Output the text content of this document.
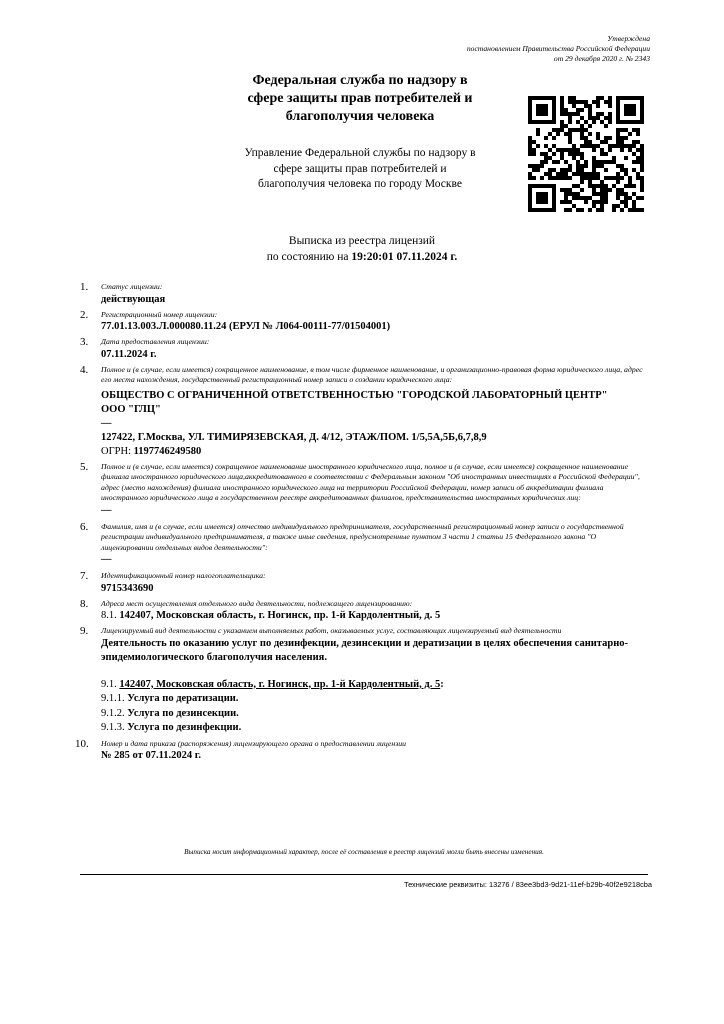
Утверждена
постановлением Правительства Российской Федерации
от 29 декабря 2020 г. № 2343
Федеральная служба по надзору в
сфере защиты прав потребителей и
благополучия человека
Управление Федеральной службы по надзору в
сфере защиты прав потребителей и
благополучия человека по городу Москве
Выписка из реестра лицензий
по состоянию на 19:20:01 07.11.2024 г.
1. Статус лицензии:
действующая
2. Регистрационный номер лицензии:
77.01.13.003.Л.000080.11.24 (ЕРУЛ № Л064-00111-77/01504001)
3. Дата предоставления лицензии:
07.11.2024 г.
4. Полное и (в случае, если имеется) сокращенное наименование, в том числе фирменное наименование, и организационно-правовая форма юридического лица, адрес его места нахождения, государственный регистрационный номер записи о создании юридического лица:
ОБЩЕСТВО С ОГРАНИЧЕННОЙ ОТВЕТСТВЕННОСТЬЮ "ГОРОДСКОЙ ЛАБОРАТОРНЫЙ ЦЕНТР"
ООО "ГЛЦ"
—
127422, Г.Москва, УЛ. ТИМИРЯЗЕВСКАЯ, Д. 4/12, ЭТАЖ/ПОМ. 1/5,5А,5Б,6,7,8,9
ОГРН: 1197746249580
5. Полное и (в случае, если имеется) сокращенное наименование иностранного юридического лица, полное и (в случае, если имеется) сокращенное наименование филиала иностранного юридического лица,аккредитованного в соответствии с Федеральным законом "Об иностранных инвестициях в Российской Федерации", адрес (место нахождения) филиала иностранного юридического лица на территории Российской Федерации, номер записи об аккредитации филиала иностранного юридического лица в государственном реестре аккредитованных филиалов, представительства иностранных юридических лиц:
—
6. Фамилия, имя и (в случае, если имеется) отчество индивидуального предпринимателя, государственный регистрационный номер записи о государственной регистрации индивидуального предпринимателя, а также иные сведения, предусмотренные пунктом 3 части 1 статьи 15 Федерального закона "О лицензировании отдельных видов деятельности":
—
7. Идентификационный номер налогоплательщика:
9715343690
8. Адреса мест осуществления отдельного вида деятельности, подлежащего лицензированию:
8.1. 142407, Московская область, г. Ногинск, пр. 1-й Кардолентный, д. 5
9. Лицензируемый вид деятельности с указанием выполняемых работ, оказываемых услуг, составляющих лицензируемый вид деятельности
Деятельность по оказанию услуг по дезинфекции, дезинсекции и дератизации в целях обеспечения санитарно-эпидемиологического благополучия населения.
9.1. 142407, Московская область, г. Ногинск, пр. 1-й Кардолентный, д. 5:
9.1.1. Услуга по дератизации.
9.1.2. Услуга по дезинсекции.
9.1.3. Услуга по дезинфекции.
10. Номер и дата приказа (распоряжения) лицензирующего органа о предоставлении лицензии
№ 285 от 07.11.2024 г.
Выписка носит информационный характер, после её составления в реестр лицензий могли быть внесены изменения.
Технические реквизиты: 13276 / 83ee3bd3-9d21-11ef-b29b-40f2e9218cba
